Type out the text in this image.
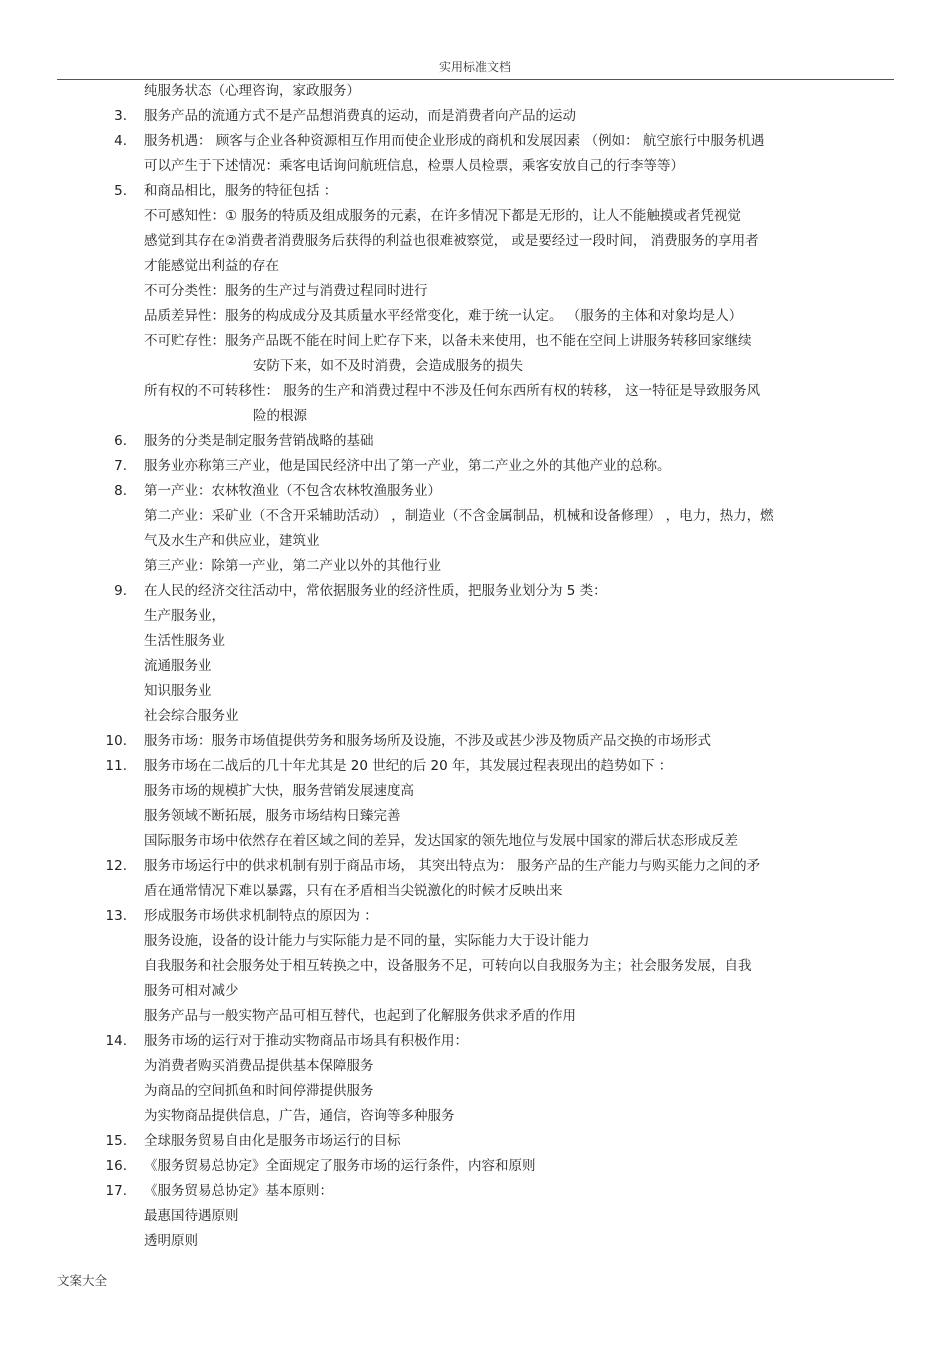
实用标准文档
纯服务状态（心理咨询，家政服务）
3. 服务产品的流通方式不是产品想消费真的运动，而是消费者向产品的运动
4. 服务机遇： 顾客与企业各种资源相互作用而使企业形成的商机和发展因素 （例如： 航空旅行中服务机遇
可以产生于下述情况：乘客电话询问航班信息，检票人员检票，乘客安放自己的行李等等）
5. 和商品相比，服务的特征包括 ：
不可感知性：① 服务的特质及组成服务的元素，在许多情况下都是无形的，让人不能触摸或者凭视觉
感觉到其存在②消费者消费服务后获得的利益也很难被察觉， 或是要经过一段时间， 消费服务的享用者
才能感觉出利益的存在
不可分类性：服务的生产过与消费过程同时进行
品质差异性：服务的构成成分及其质量水平经常变化，难于统一认定。 （服务的主体和对象均是人）
不可贮存性：服务产品既不能在时间上贮存下来，以备未来使用，也不能在空间上讲服务转移回家继续
安防下来，如不及时消费，会造成服务的损失
所有权的不可转移性： 服务的生产和消费过程中不涉及任何东西所有权的转移， 这一特征是导致服务风
险的根源
6. 服务的分类是制定服务营销战略的基础
7. 服务业亦称第三产业，他是国民经济中出了第一产业，第二产业之外的其他产业的总称。
8. 第一产业：农林牧渔业（不包含农林牧渔服务业）
第二产业：采矿业（不含开采辅助活动） ，制造业（不含金属制品，机械和设备修理） ，电力，热力，燃
气及水生产和供应业，建筑业
第三产业：除第一产业，第二产业以外的其他行业
9. 在人民的经济交往活动中，常依据服务业的经济性质，把服务业划分为 5 类：
生产服务业，
生活性服务业
流通服务业
知识服务业
社会综合服务业
10. 服务市场：服务市场值提供劳务和服务场所及设施，不涉及或甚少涉及物质产品交换的市场形式
11. 服务市场在二战后的几十年尤其是 20 世纪的后 20 年，其发展过程表现出的趋势如下 ：
服务市场的规模扩大快，服务营销发展速度高
服务领域不断拓展，服务市场结构日臻完善
国际服务市场中依然存在着区域之间的差异，发达国家的领先地位与发展中国家的滞后状态形成反差
12. 服务市场运行中的供求机制有别于商品市场， 其突出特点为： 服务产品的生产能力与购买能力之间的矛
盾在通常情况下难以暴露，只有在矛盾相当尖锐激化的时候才反映出来
13. 形成服务市场供求机制特点的原因为 ：
服务设施，设备的设计能力与实际能力是不同的量，实际能力大于设计能力
自我服务和社会服务处于相互转换之中，设备服务不足，可转向以自我服务为主；社会服务发展，自我
服务可相对减少
服务产品与一般实物产品可相互替代，也起到了化解服务供求矛盾的作用
14. 服务市场的运行对于推动实物商品市场具有积极作用：
为消费者购买消费品提供基本保障服务
为商品的空间抓鱼和时间停滞提供服务
为实物商品提供信息，广告，通信，咨询等多种服务
15. 全球服务贸易自由化是服务市场运行的目标
16. 《服务贸易总协定》全面规定了服务市场的运行条件，内容和原则
17. 《服务贸易总协定》基本原则：
最惠国待遇原则
透明原则
文案大全
